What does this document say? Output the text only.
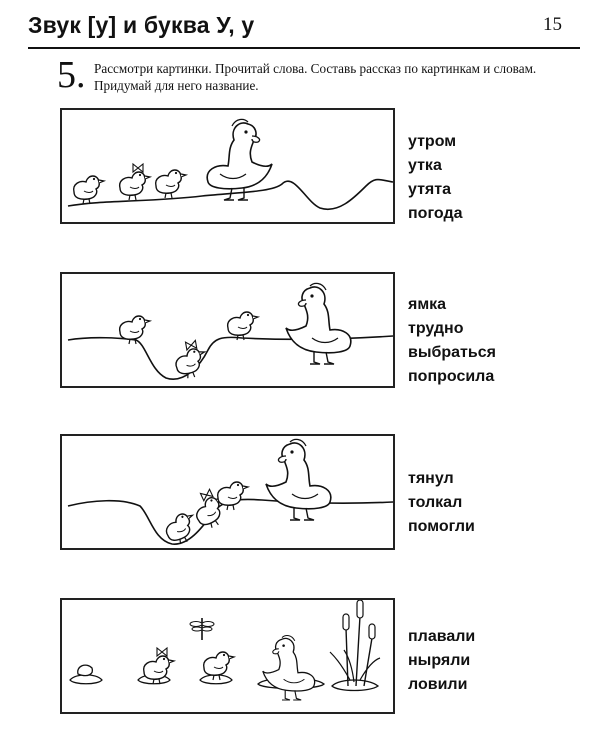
Звук [у] и буква У, у	15
5. Рассмотри картинки. Прочитай слова. Составь рассказ по картинкам и словам. Придумай для него название.
утром
утка
утята
погода
ямка
трудно
выбраться
попросила
тянул
толкал
помогли
плавали
ныряли
ловили
